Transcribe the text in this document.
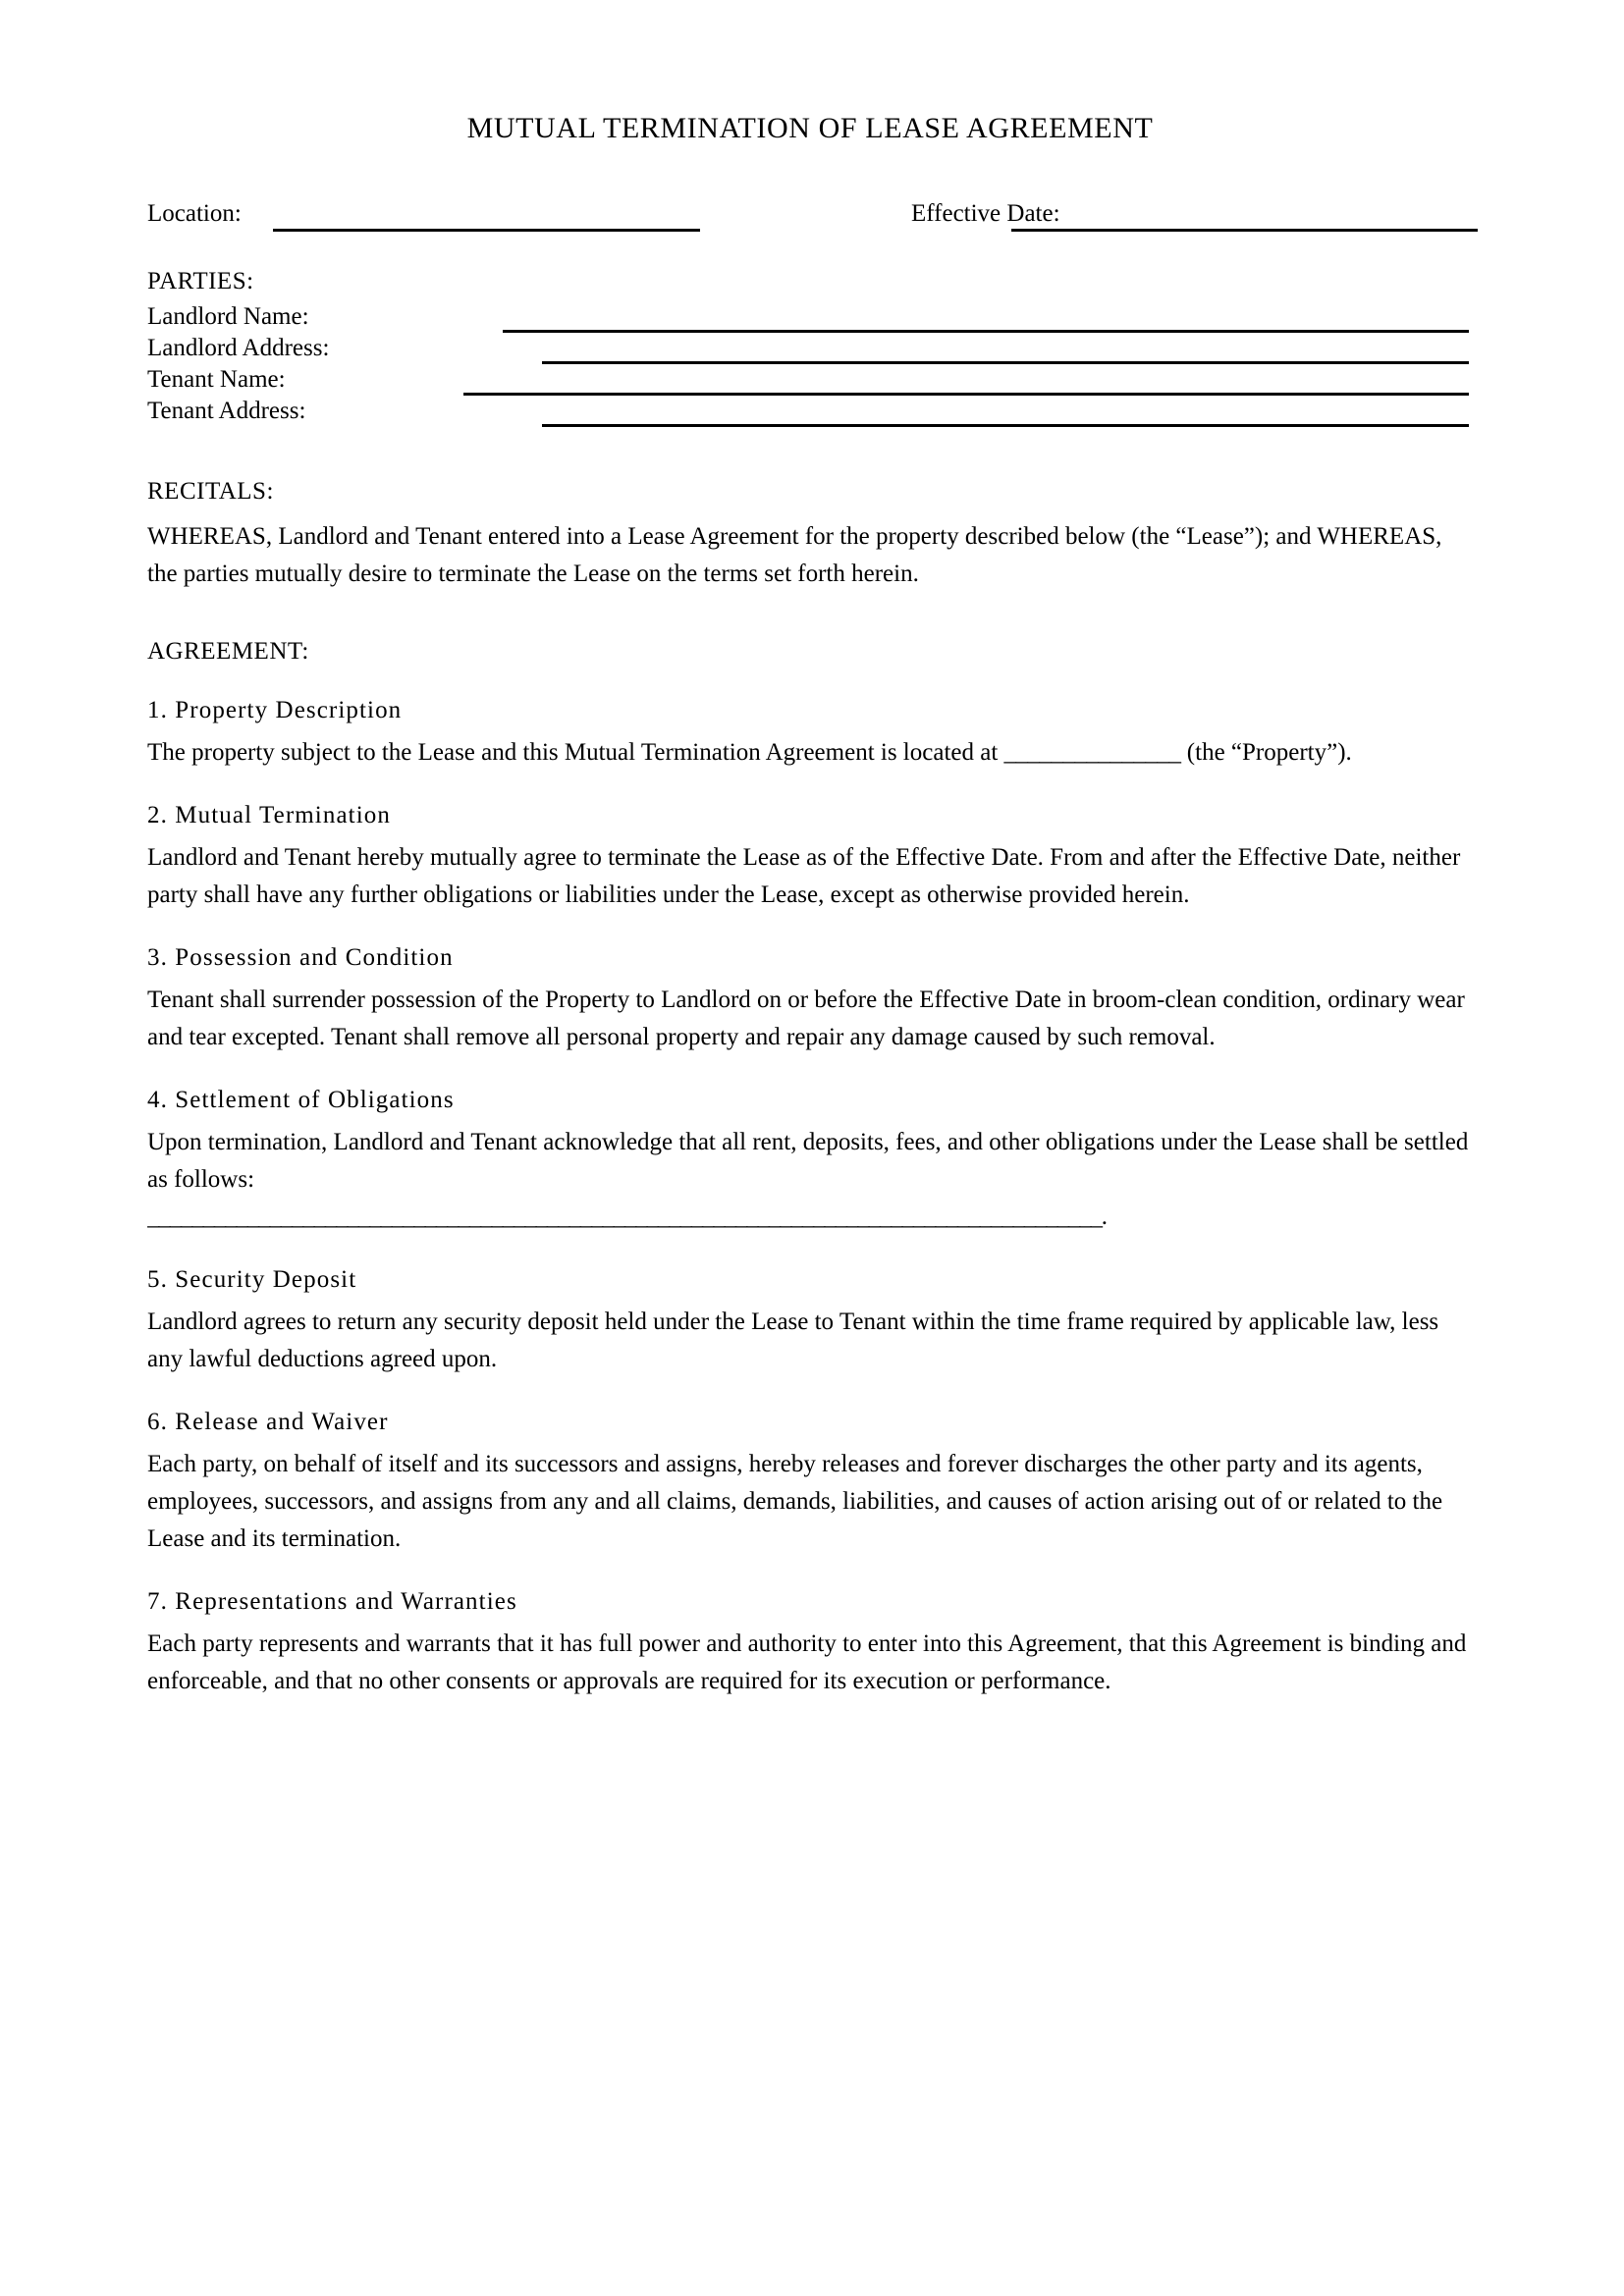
MUTUAL TERMINATION OF LEASE AGREEMENT
Location:	Effective Date:
PARTIES:
Landlord Name:
Landlord Address:
Tenant Name:
Tenant Address:
RECITALS:

WHEREAS, Landlord and Tenant entered into a Lease Agreement for the property described below (the “Lease”); and WHEREAS, the parties mutually desire to terminate the Lease on the terms set forth herein.

AGREEMENT:
1. Property Description

The property subject to the Lease and this Mutual Termination Agreement is located at _______________ (the “Property”).

2. Mutual Termination

Landlord and Tenant hereby mutually agree to terminate the Lease as of the Effective Date. From and after the Effective Date, neither party shall have any further obligations or liabilities under the Lease, except as otherwise provided herein.

3. Possession and Condition

Tenant shall surrender possession of the Property to Landlord on or before the Effective Date in broom-clean condition, ordinary wear and tear excepted. Tenant shall remove all personal property and repair any damage caused by such removal.

4. Settlement of Obligations

Upon termination, Landlord and Tenant acknowledge that all rent, deposits, fees, and other obligations under the Lease shall be settled as follows:

______________________________________________________________________________________.

5. Security Deposit

Landlord agrees to return any security deposit held under the Lease to Tenant within the time frame required by applicable law, less any lawful deductions agreed upon.

6. Release and Waiver

Each party, on behalf of itself and its successors and assigns, hereby releases and forever discharges the other party and its agents, employees, successors, and assigns from any and all claims, demands, liabilities, and causes of action arising out of or related to the Lease and its termination.

7. Representations and Warranties

Each party represents and warrants that it has full power and authority to enter into this Agreement, that this Agreement is binding and enforceable, and that no other consents or approvals are required for its execution or performance.
